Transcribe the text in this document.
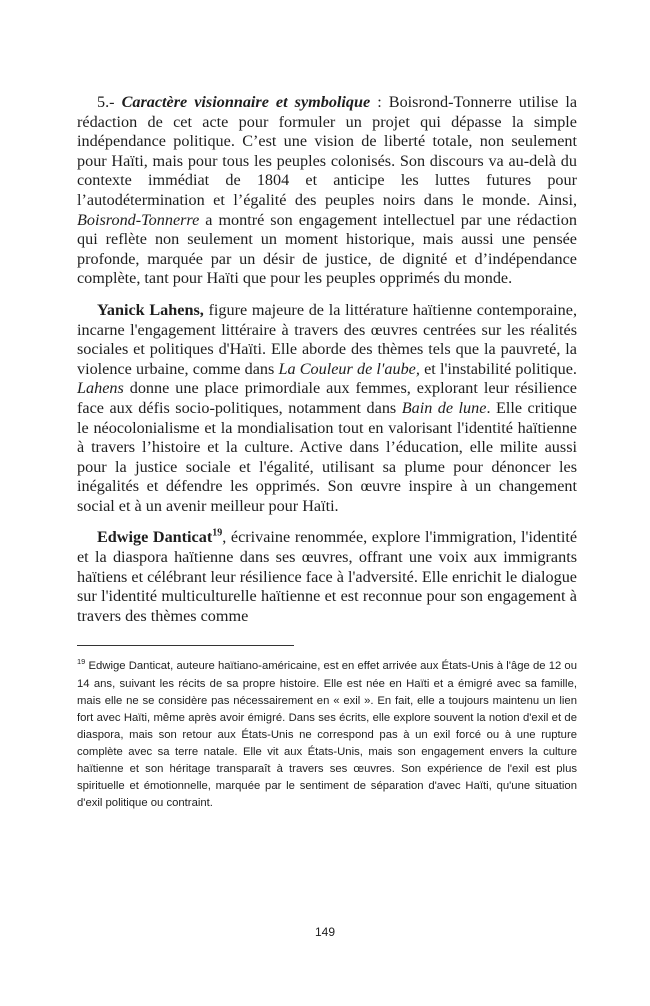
5.- Caractère visionnaire et symbolique : Boisrond-Tonnerre utilise la rédaction de cet acte pour formuler un projet qui dépasse la simple indépendance politique. C’est une vision de liberté totale, non seulement pour Haïti, mais pour tous les peuples colonisés. Son discours va au-delà du contexte immédiat de 1804 et anticipe les luttes futures pour l’autodétermination et l’égalité des peuples noirs dans le monde. Ainsi, Boisrond-Tonnerre a montré son engagement intellectuel par une rédaction qui reflète non seulement un moment historique, mais aussi une pensée profonde, marquée par un désir de justice, de dignité et d’indépendance complète, tant pour Haïti que pour les peuples opprimés du monde.

Yanick Lahens, figure majeure de la littérature haïtienne contemporaine, incarne l'engagement littéraire à travers des œuvres centrées sur les réalités sociales et politiques d'Haïti. Elle aborde des thèmes tels que la pauvreté, la violence urbaine, comme dans La Couleur de l'aube, et l'instabilité politique. Lahens donne une place primordiale aux femmes, explorant leur résilience face aux défis socio-politiques, notamment dans Bain de lune. Elle critique le néocolonialisme et la mondialisation tout en valorisant l'identité haïtienne à travers l’histoire et la culture. Active dans l’éducation, elle milite aussi pour la justice sociale et l'égalité, utilisant sa plume pour dénoncer les inégalités et défendre les opprimés. Son œuvre inspire à un changement social et à un avenir meilleur pour Haïti.

Edwige Danticat$^{19}$, écrivaine renommée, explore l'immigration, l'identité et la diaspora haïtienne dans ses œuvres, offrant une voix aux immigrants haïtiens et célébrant leur résilience face à l'adversité. Elle enrichit le dialogue sur l'identité multiculturelle haïtienne et est reconnue pour son engagement à travers des thèmes comme

$^{19}$ Edwige Danticat, auteure haïtiano-américaine, est en effet arrivée aux États-Unis à l'âge de 12 ou 14 ans, suivant les récits de sa propre histoire. Elle est née en Haïti et a émigré avec sa famille, mais elle ne se considère pas nécessairement en « exil ». En fait, elle a toujours maintenu un lien fort avec Haïti, même après avoir émigré. Dans ses écrits, elle explore souvent la notion d'exil et de diaspora, mais son retour aux États-Unis ne correspond pas à un exil forcé ou à une rupture complète avec sa terre natale. Elle vit aux États-Unis, mais son engagement envers la culture haïtienne et son héritage transparaît à travers ses œuvres. Son expérience de l'exil est plus spirituelle et émotionnelle, marquée par le sentiment de séparation d'avec Haïti, qu'une situation d'exil politique ou contraint.

149
